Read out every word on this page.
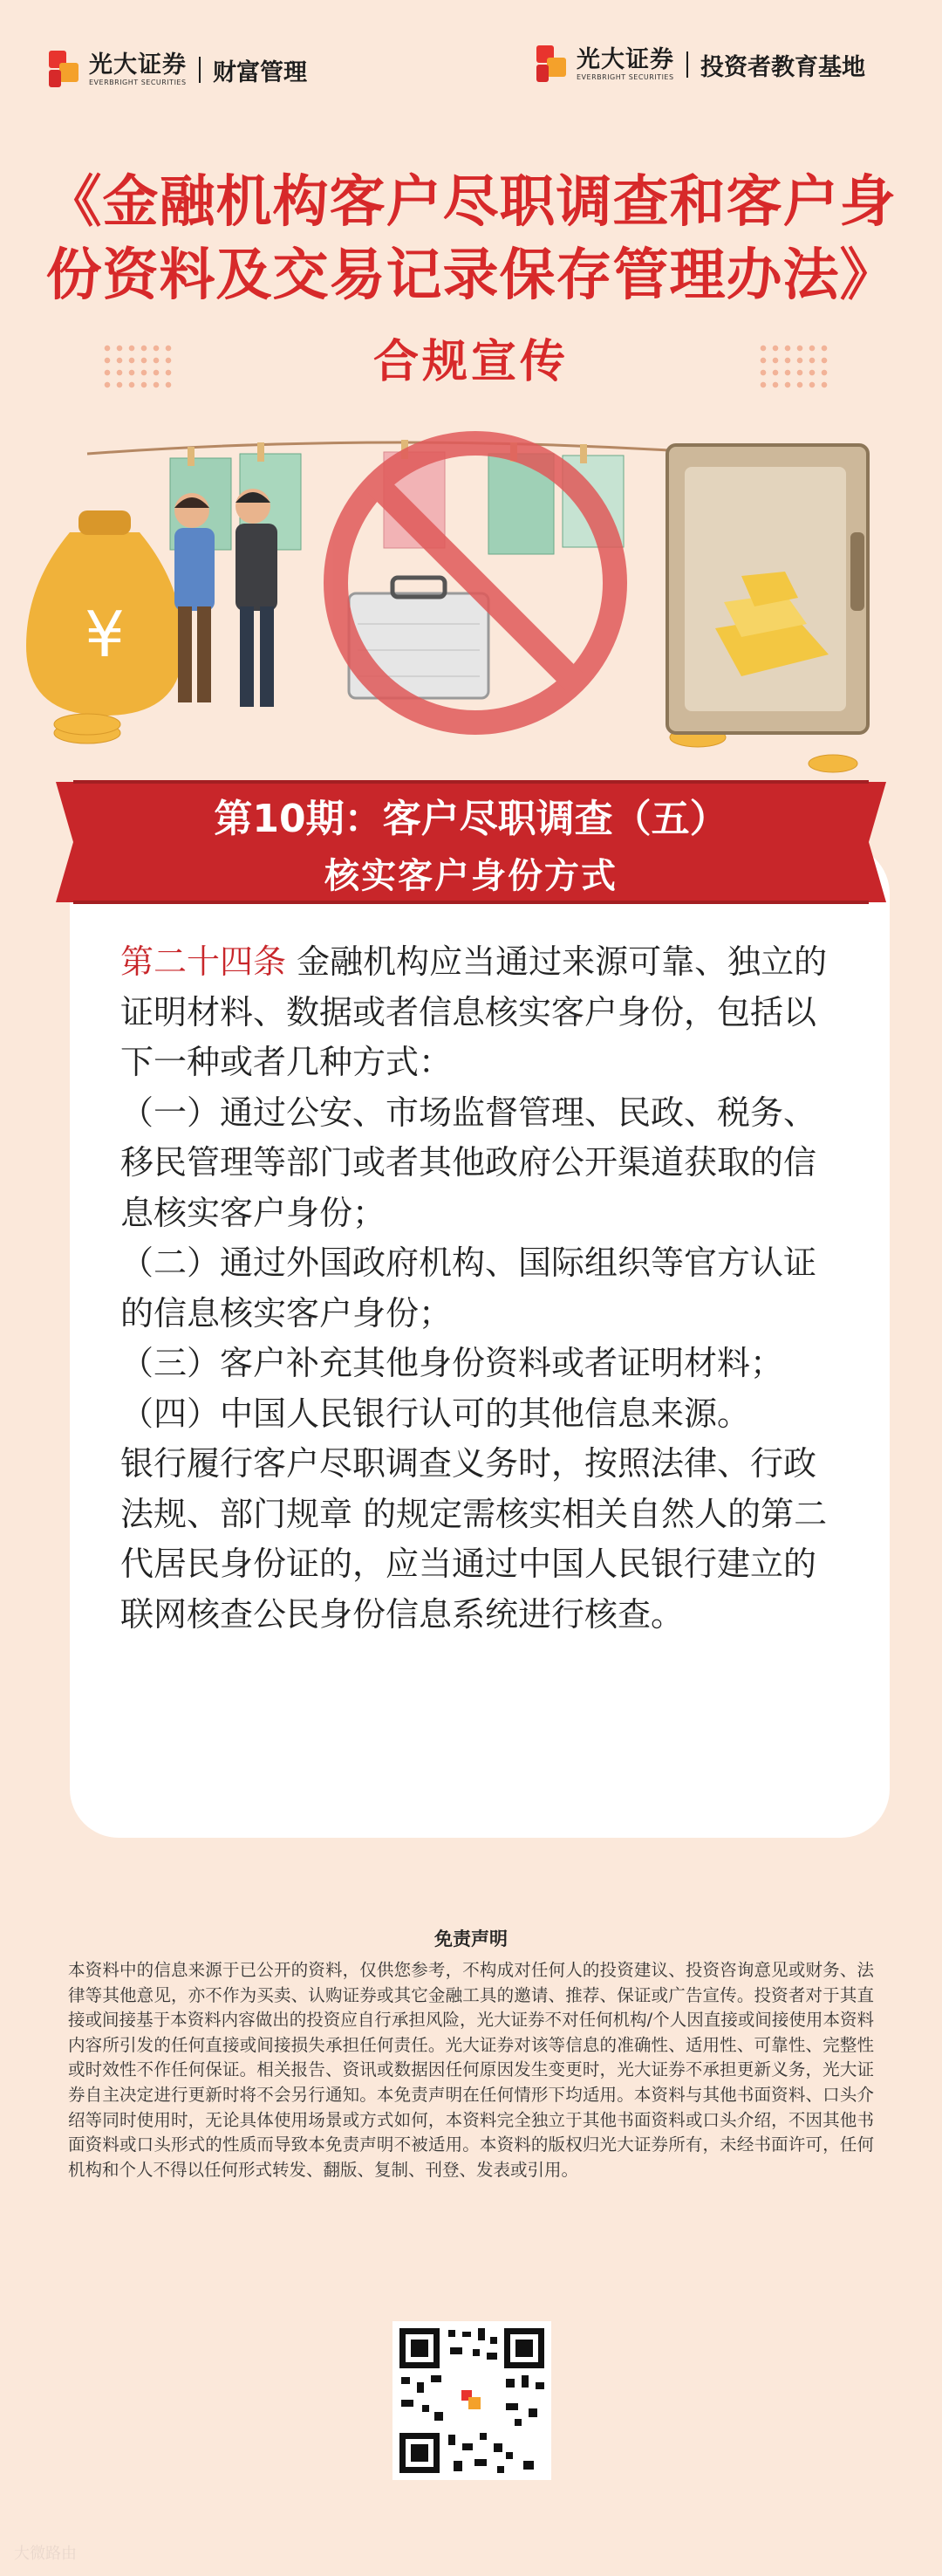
光大证券
EVERBRIGHT SECURITIES 财富管理	光大证券
EVERBRIGHT SECURITIES 投资者教育基地
《金融机构客户尽职调查和客户身
份资料及交易记录保存管理办法》
合规宣传
¥
第10期：客户尽职调查（五）
核实客户身份方式

第二十四条 金融机构应当通过来源可靠、独立的证明材料、数据或者信息核实客户身份，包括以下一种或者几种方式：

（一）通过公安、市场监督管理、民政、税务、移民管理等部门或者其他政府公开渠道获取的信息核实客户身份；

（二）通过外国政府机构、国际组织等官方认证的信息核实客户身份；

（三）客户补充其他身份资料或者证明材料；

（四）中国人民银行认可的其他信息来源。

银行履行客户尽职调查义务时，按照法律、行政法规、部门规章 的规定需核实相关自然人的第二代居民身份证的，应当通过中国人民银行建立的联网核查公民身份信息系统进行核查。

免责声明
本资料中的信息来源于已公开的资料，仅供您参考，不构成对任何人的投资建议、投资咨询意见或财务、法律等其他意见，亦不作为买卖、认购证券或其它金融工具的邀请、推荐、保证或广告宣传。投资者对于其直接或间接基于本资料内容做出的投资应自行承担风险，光大证券不对任何机构/个人因直接或间接使用本资料内容所引发的任何直接或间接损失承担任何责任。光大证券对该等信息的准确性、适用性、可靠性、完整性或时效性不作任何保证。相关报告、资讯或数据因任何原因发生变更时，光大证券不承担更新义务，光大证券自主决定进行更新时将不会另行通知。本免责声明在任何情形下均适用。本资料与其他书面资料、口头介绍等同时使用时，无论具体使用场景或方式如何，本资料完全独立于其他书面资料或口头介绍，不因其他书面资料或口头形式的性质而导致本免责声明不被适用。本资料的版权归光大证券所有，未经书面许可，任何机构和个人不得以任何形式转发、翻版、复制、刊登、发表或引用。
大微路由
